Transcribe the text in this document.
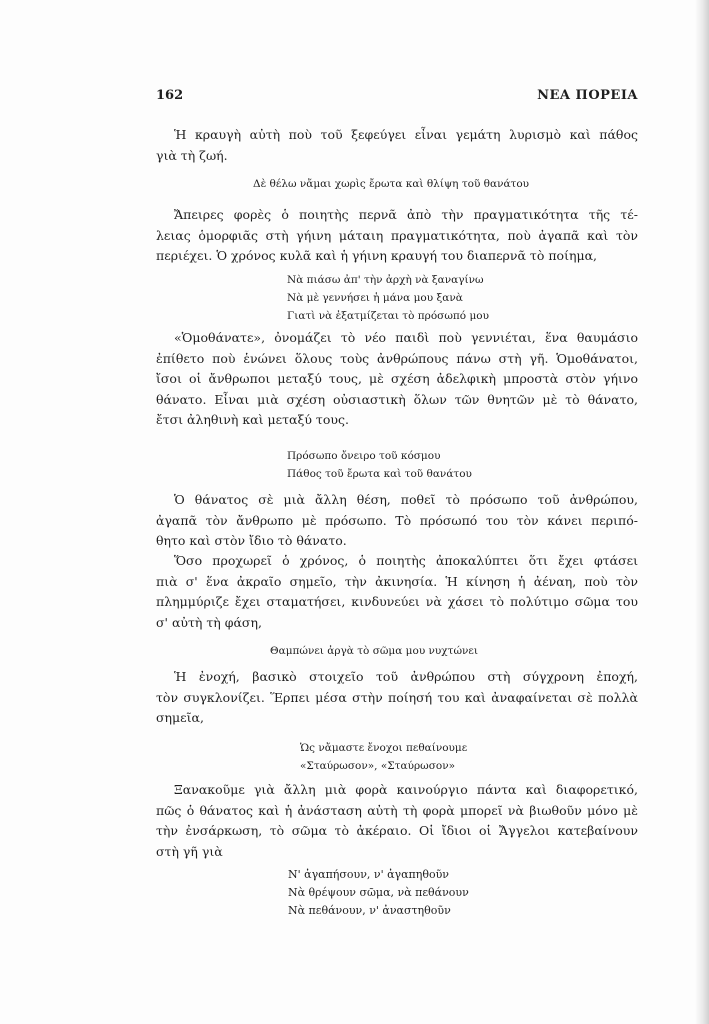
162	ΝΕΑ ΠΟΡΕΙΑ
Ἡ κραυγὴ αὐτὴ ποὺ τοῦ ξεφεύγει εἶναι γεμάτη λυρισμὸ καὶ πάθος
γιὰ τὴ ζωή.
Δὲ θέλω νἄμαι χωρὶς ἔρωτα καὶ θλίψη τοῦ θανάτου
Ἄπειρες φορὲς ὁ ποιητὴς περνᾶ ἀπὸ τὴν πραγματικότητα τῆς τέ-
λειας ὁμορφιᾶς στὴ γήινη μάταιη πραγματικότητα, ποὺ ἀγαπᾶ καὶ τὸν
περιέχει. Ὁ χρόνος κυλᾶ καὶ ἡ γήινη κραυγή του διαπερνᾶ τὸ ποίημα,
Νὰ πιάσω ἀπ' τὴν ἀρχὴ νὰ ξαναγίνω
Νὰ μὲ γεννήσει ἡ μάνα μου ξανὰ
Γιατὶ νὰ ἐξατμίζεται τὸ πρόσωπό μου
«Ὁμοθάνατε», ὀνομάζει τὸ νέο παιδὶ ποὺ γεννιέται, ἕνα θαυμάσιο
ἐπίθετο ποὺ ἑνώνει ὅλους τοὺς ἀνθρώπους πάνω στὴ γῆ. Ὁμοθάνατοι,
ἴσοι οἱ ἄνθρωποι μεταξύ τους, μὲ σχέση ἀδελφικὴ μπροστὰ στὸν γήινο
θάνατο. Εἶναι μιὰ σχέση οὐσιαστικὴ ὅλων τῶν θνητῶν μὲ τὸ θάνατο,
ἔτσι ἀληθινὴ καὶ μεταξύ τους.
Πρόσωπο ὄνειρο τοῦ κόσμου
Πάθος τοῦ ἔρωτα καὶ τοῦ θανάτου
Ὁ θάνατος σὲ μιὰ ἄλλη θέση, ποθεῖ τὸ πρόσωπο τοῦ ἀνθρώπου,
ἀγαπᾶ τὸν ἄνθρωπο μὲ πρόσωπο. Τὸ πρόσωπό του τὸν κάνει περιπό-
θητο καὶ στὸν ἴδιο τὸ θάνατο.
Ὅσο προχωρεῖ ὁ χρόνος, ὁ ποιητὴς ἀποκαλύπτει ὅτι ἔχει φτάσει
πιὰ σ' ἕνα ἀκραῖο σημεῖο, τὴν ἀκινησία. Ἡ κίνηση ἡ ἀέναη, ποὺ τὸν
πλημμύριζε ἔχει σταματήσει, κινδυνεύει νὰ χάσει τὸ πολύτιμο σῶμα του
σ' αὐτὴ τὴ φάση,
Θαμπώνει ἀργὰ τὸ σῶμα μου νυχτώνει
Ἡ ἐνοχή, βασικὸ στοιχεῖο τοῦ ἀνθρώπου στὴ σύγχρονη ἐποχή,
τὸν συγκλονίζει. Ἕρπει μέσα στὴν ποίησή του καὶ ἀναφαίνεται σὲ πολλὰ
σημεῖα,
Ὡς νἄμαστε ἔνοχοι πεθαίνουμε
«Σταύρωσον», «Σταύρωσον»
Ξανακοῦμε γιὰ ἄλλη μιὰ φορὰ καινούργιο πάντα καὶ διαφορετικό,
πῶς ὁ θάνατος καὶ ἡ ἀνάσταση αὐτὴ τὴ φορὰ μπορεῖ νὰ βιωθοῦν μόνο μὲ
τὴν ἐνσάρκωση, τὸ σῶμα τὸ ἀκέραιο. Οἱ ἴδιοι οἱ Ἄγγελοι κατεβαίνουν
στὴ γῆ γιὰ
Ν' ἀγαπήσουν, ν' ἀγαπηθοῦν
Νὰ θρέψουν σῶμα, νὰ πεθάνουν
Νὰ πεθάνουν, ν' ἀναστηθοῦν
